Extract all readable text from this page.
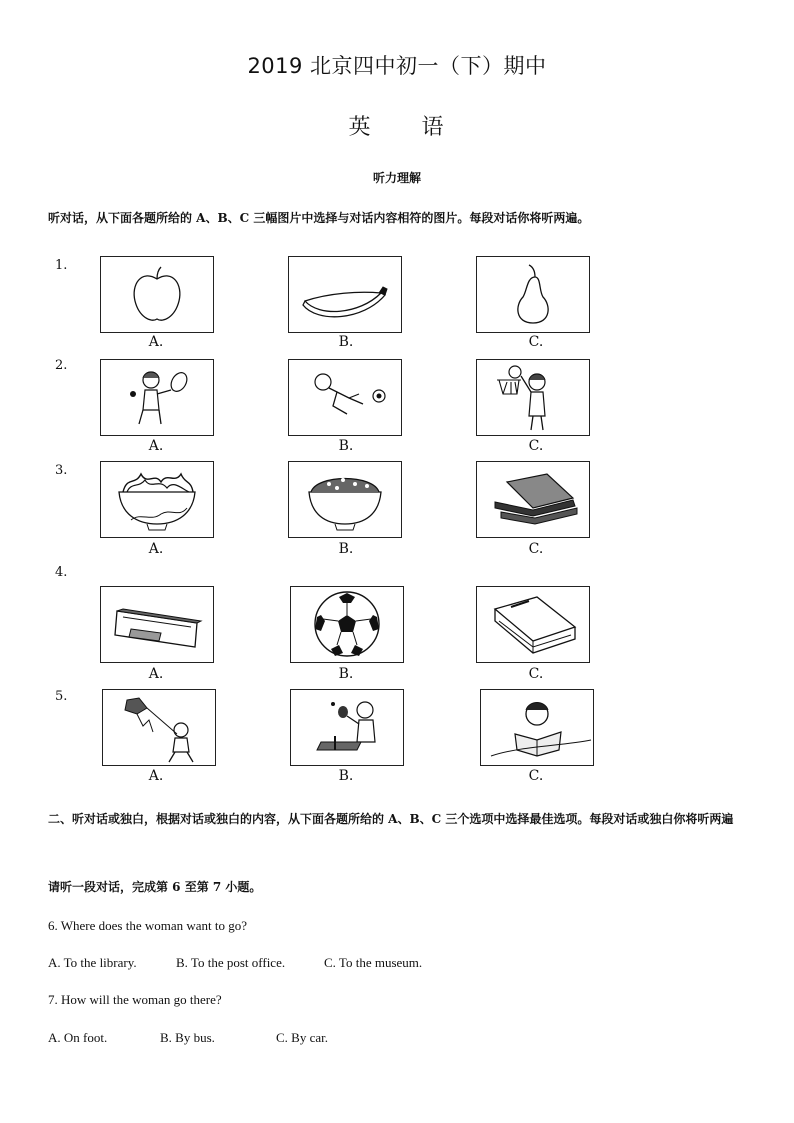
2019 北京四中初一（下）期中
英 语
听力理解
听对话，从下面各题所给的 A、B、C 三幅图片中选择与对话内容相符的图片。每段对话你将听两遍。
1.
A.	B.	C.
2.
A.	B.	C.
3.
A.	B.	C.
4.
A.	B.	C.
5.
A.	B.	C.
二、听对话或独白，根据对话或独白的内容，从下面各题所给的 A、B、C 三个选项中选择最佳选项。每段对话或独白你将听两遍
请听一段对话，完成第 6 至第 7 小题。
6. Where does the woman want to go?
A. To the library.	B. To the post office.	C. To the museum.
7. How will the woman go there?
A. On foot.	B. By bus.	C. By car.
